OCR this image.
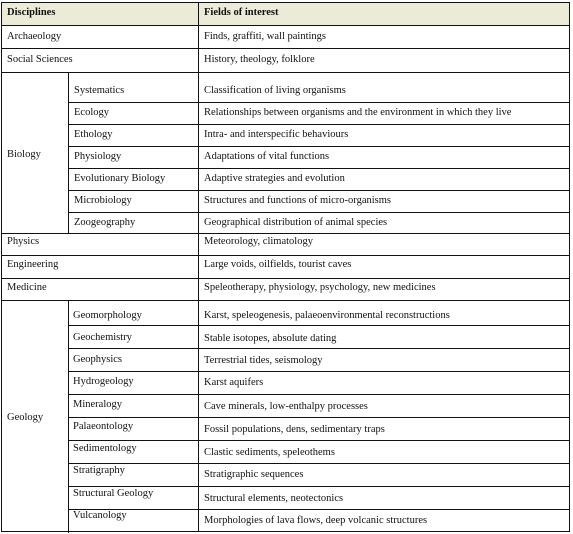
Disciplines	Fields of interest
Archaeology	Finds, graffiti, wall paintings
Social Sciences	History, theology, folklore
Biology
Systematics	Classification of living organisms
Ecology	Relationships between organisms and the environment in which they live
Ethology	Intra- and interspecific behaviours
Physiology	Adaptations of vital functions
Evolutionary Biology	Adaptive strategies and evolution
Microbiology	Structures and functions of micro-organisms
Zoogeography	Geographical distribution of animal species
Physics	Meteorology, climatology
Engineering	Large voids, oilfields, tourist caves
Medicine	Speleotherapy, physiology, psychology, new medicines
Geology
Geomorphology	Karst, speleogenesis, palaeoenvironmental reconstructions
Geochemistry	Stable isotopes, absolute dating
Geophysics	Terrestrial tides, seismology
Hydrogeology	Karst aquifers
Mineralogy	Cave minerals, low-enthalpy processes
Palaeontology	Fossil populations, dens, sedimentary traps
Sedimentology	Clastic sediments, speleothems
Stratigraphy	Stratigraphic sequences
Structural Geology	Structural elements, neotectonics
Vulcanology	Morphologies of lava flows, deep volcanic structures
